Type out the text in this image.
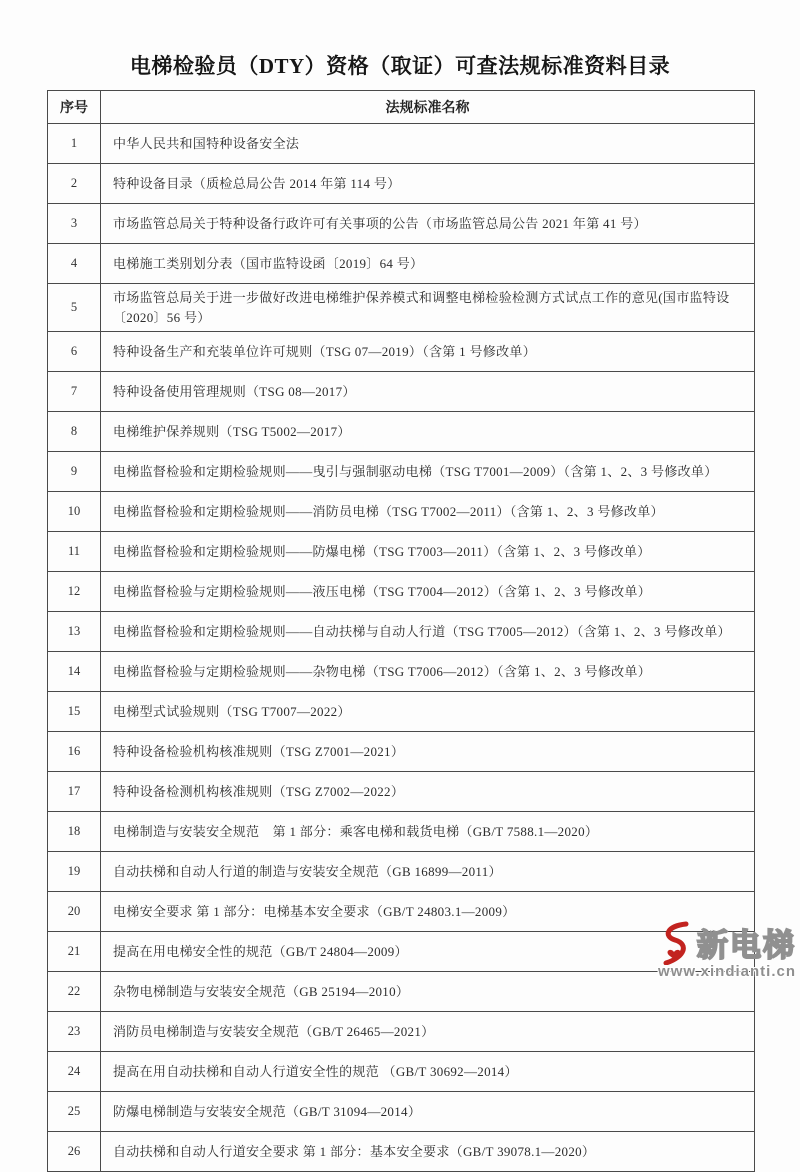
电梯检验员（DTY）资格（取证）可查法规标准资料目录
序号	法规标准名称
1	中华人民共和国特种设备安全法
2	特种设备目录（质检总局公告 2014 年第 114 号）
3	市场监管总局关于特种设备行政许可有关事项的公告（市场监管总局公告 2021 年第 41 号）
4	电梯施工类别划分表（国市监特设函〔2019〕64 号）
5	市场监管总局关于进一步做好改进电梯维护保养模式和调整电梯检验检测方式试点工作的意见(国市监特设〔2020〕56 号）
6	特种设备生产和充装单位许可规则（TSG 07—2019）（含第 1 号修改单）
7	特种设备使用管理规则（TSG 08—2017）
8	电梯维护保养规则（TSG T5002—2017）
9	电梯监督检验和定期检验规则——曳引与强制驱动电梯（TSG T7001—2009）（含第 1、2、3 号修改单）
10	电梯监督检验和定期检验规则——消防员电梯（TSG T7002—2011）（含第 1、2、3 号修改单）
11	电梯监督检验和定期检验规则——防爆电梯（TSG T7003—2011）（含第 1、2、3 号修改单）
12	电梯监督检验与定期检验规则——液压电梯（TSG T7004—2012）（含第 1、2、3 号修改单）
13	电梯监督检验和定期检验规则——自动扶梯与自动人行道（TSG T7005—2012）（含第 1、2、3 号修改单）
14	电梯监督检验与定期检验规则——杂物电梯（TSG T7006—2012）（含第 1、2、3 号修改单）
15	电梯型式试验规则（TSG T7007—2022）
16	特种设备检验机构核准规则（TSG Z7001—2021）
17	特种设备检测机构核准规则（TSG Z7002—2022）
18	电梯制造与安装安全规范　第 1 部分：乘客电梯和载货电梯（GB/T 7588.1—2020）
19	自动扶梯和自动人行道的制造与安装安全规范（GB 16899—2011）
20	电梯安全要求 第 1 部分：电梯基本安全要求（GB/T 24803.1—2009）
21	提高在用电梯安全性的规范（GB/T 24804—2009）
22	杂物电梯制造与安装安全规范（GB 25194—2010）
23	消防员电梯制造与安装安全规范（GB/T 26465—2021）
24	提高在用自动扶梯和自动人行道安全性的规范 （GB/T 30692—2014）
25	防爆电梯制造与安装安全规范（GB/T 31094—2014）
26	自动扶梯和自动人行道安全要求 第 1 部分：基本安全要求（GB/T 39078.1—2020）
新电梯
www.xindianti.cn
